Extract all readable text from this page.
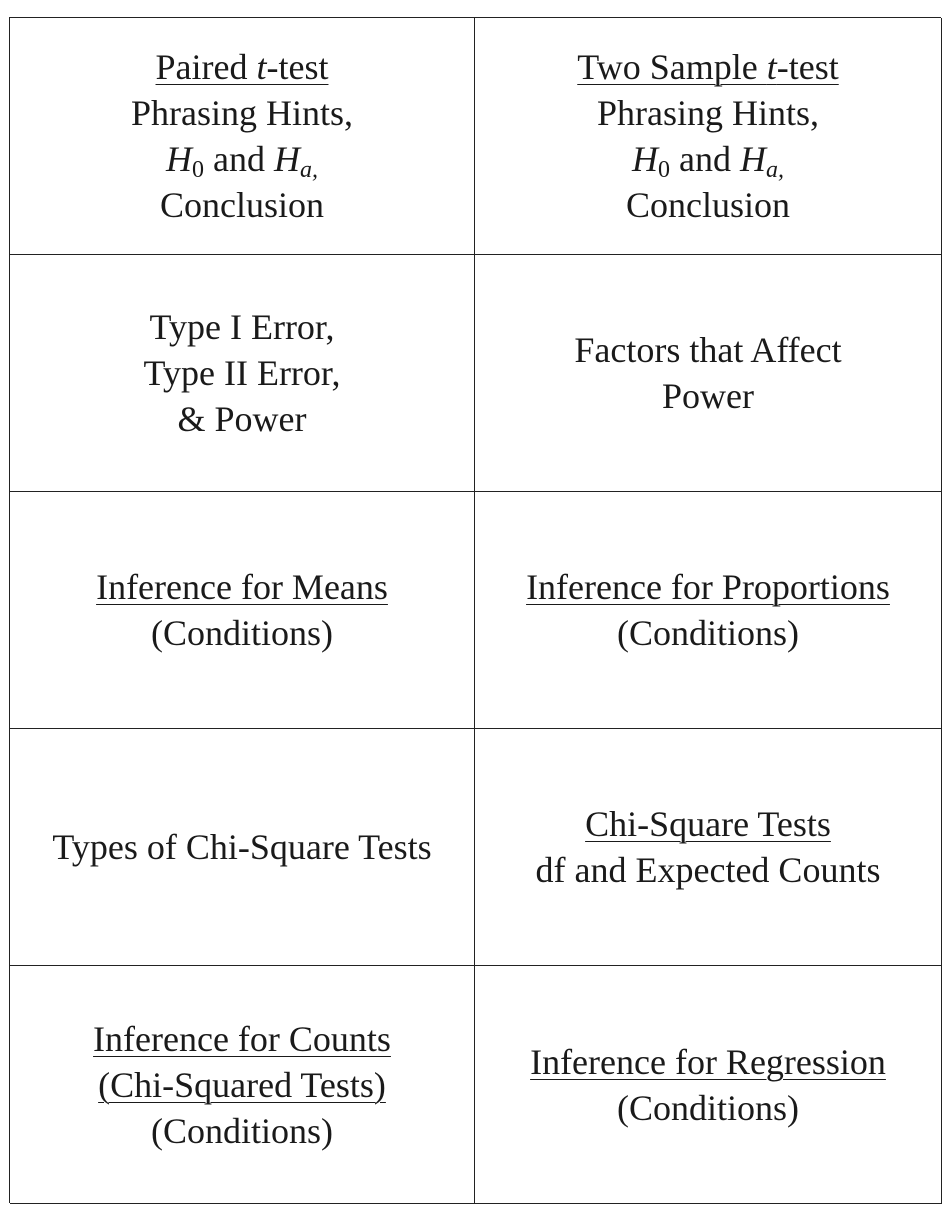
Paired t-test
Phrasing Hints,
$H_0$ and $H_{a,}$
Conclusion
Two Sample t-test
Phrasing Hints,
$H_0$ and $H_{a,}$
Conclusion
Type I Error,
Type II Error,
& Power
Factors that Affect
Power
Inference for Means
(Conditions)
Inference for Proportions
(Conditions)
Types of Chi-Square Tests
Chi-Square Tests
df and Expected Counts
Inference for Counts
(Chi-Squared Tests)
(Conditions)
Inference for Regression
(Conditions)
